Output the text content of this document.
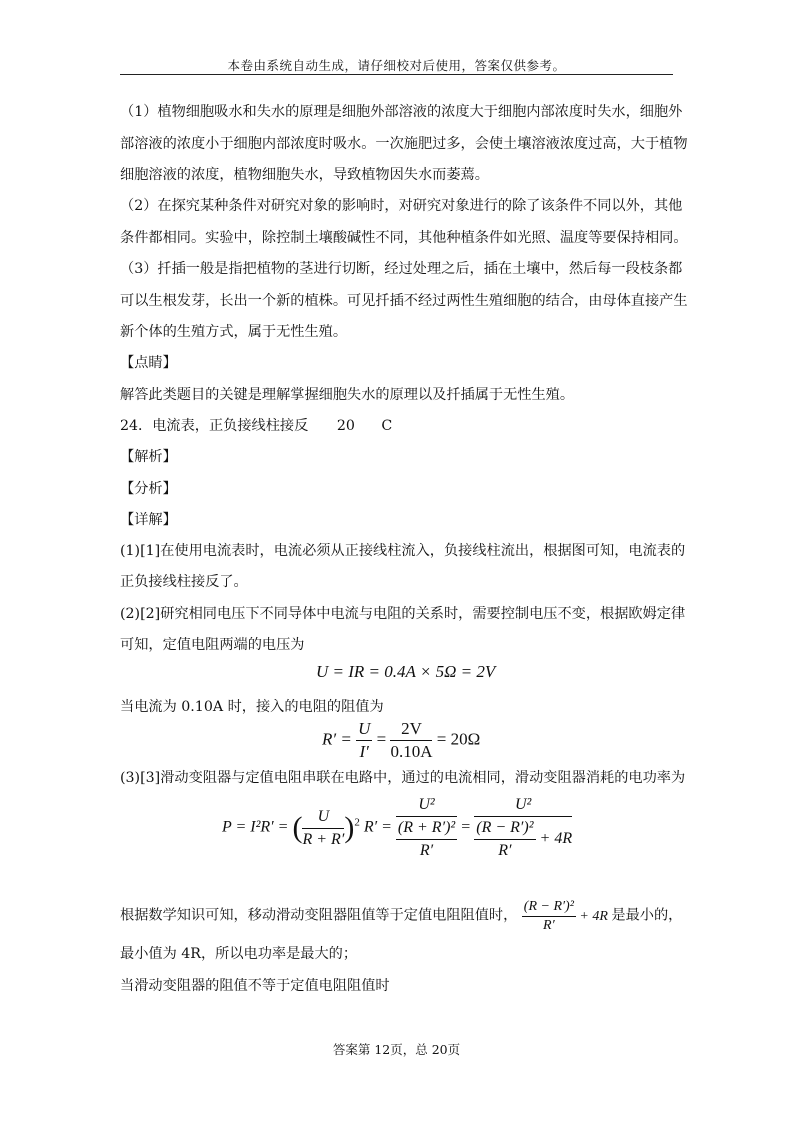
本卷由系统自动生成，请仔细校对后使用，答案仅供参考。
（1）植物细胞吸水和失水的原理是细胞外部溶液的浓度大于细胞内部浓度时失水，细胞外
部溶液的浓度小于细胞内部浓度时吸水。一次施肥过多，会使土壤溶液浓度过高，大于植物
细胞溶液的浓度，植物细胞失水，导致植物因失水而萎蔫。
（2）在探究某种条件对研究对象的影响时，对研究对象进行的除了该条件不同以外，其他
条件都相同。实验中，除控制土壤酸碱性不同，其他种植条件如光照、温度等要保持相同。
（3）扦插一般是指把植物的茎进行切断，经过处理之后，插在土壤中，然后每一段枝条都
可以生根发芽，长出一个新的植株。可见扦插不经过两性生殖细胞的结合，由母体直接产生
新个体的生殖方式，属于无性生殖。
【点睛】
解答此类题目的关键是理解掌握细胞失水的原理以及扦插属于无性生殖。
24．电流表，正负接线柱接反 20 C
【解析】
【分析】
【详解】
(1)[1]在使用电流表时，电流必须从正接线柱流入，负接线柱流出，根据图可知，电流表的
正负接线柱接反了。
(2)[2]研究相同电压下不同导体中电流与电阻的关系时，需要控制电压不变，根据欧姆定律
可知，定值电阻两端的电压为
U = IR = 0.4A × 5Ω = 2V
当电流为 0.10A 时，接入的电阻的阻值为
$R' = \frac{U}{I'} = \frac{2V}{0.10A} = 20\Omega$
(3)[3]滑动变阻器与定值电阻串联在电路中，通过的电流相同，滑动变阻器消耗的电功率为
P = I²R′ = ( $\frac{U}{R + R'} )^2$ $R' = \frac{\text{U²}}{\frac{\text{(R + R′)²}}{R'}} = \frac{\text{U²}}{\frac{\text{(R − R′)²}}{R'} + 4R}$
根据数学知识可知，移动滑动变阻器阻值等于定值电阻阻值时， $\frac{\text{(R − R′)²}}{R'} + 4R$ 是最小的，
最小值为 4R，所以电功率是最大的；
当滑动变阻器的阻值不等于定值电阻阻值时
答案第 12页，总 20页
